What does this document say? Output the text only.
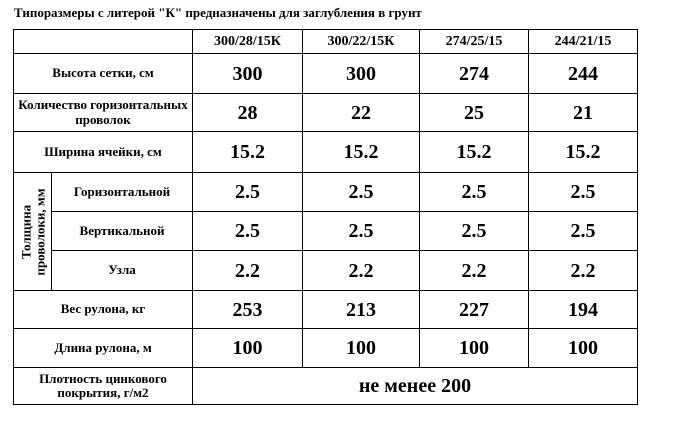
Типоразмеры с литерой "К" предназначены для заглубления в грунт
		300/28/15К	300/22/15К	274/25/15	244/21/15
Высота сетки, см		300	300	274	244
Количество горизонтальных проволок		28	22	25	21
Ширина ячейки, см		15.2	15.2	15.2	15.2

Толщина
проволоки, мм	Горизонтальной	2.5	2.5	2.5	2.5
	Вертикальной	2.5	2.5	2.5	2.5
	Узла	2.2	2.2	2.2	2.2
Вес рулона, кг		253	213	227	194
Длина рулона, м		100	100	100	100
Плотность цинкового покрытия, г/м2		не менее 200			
